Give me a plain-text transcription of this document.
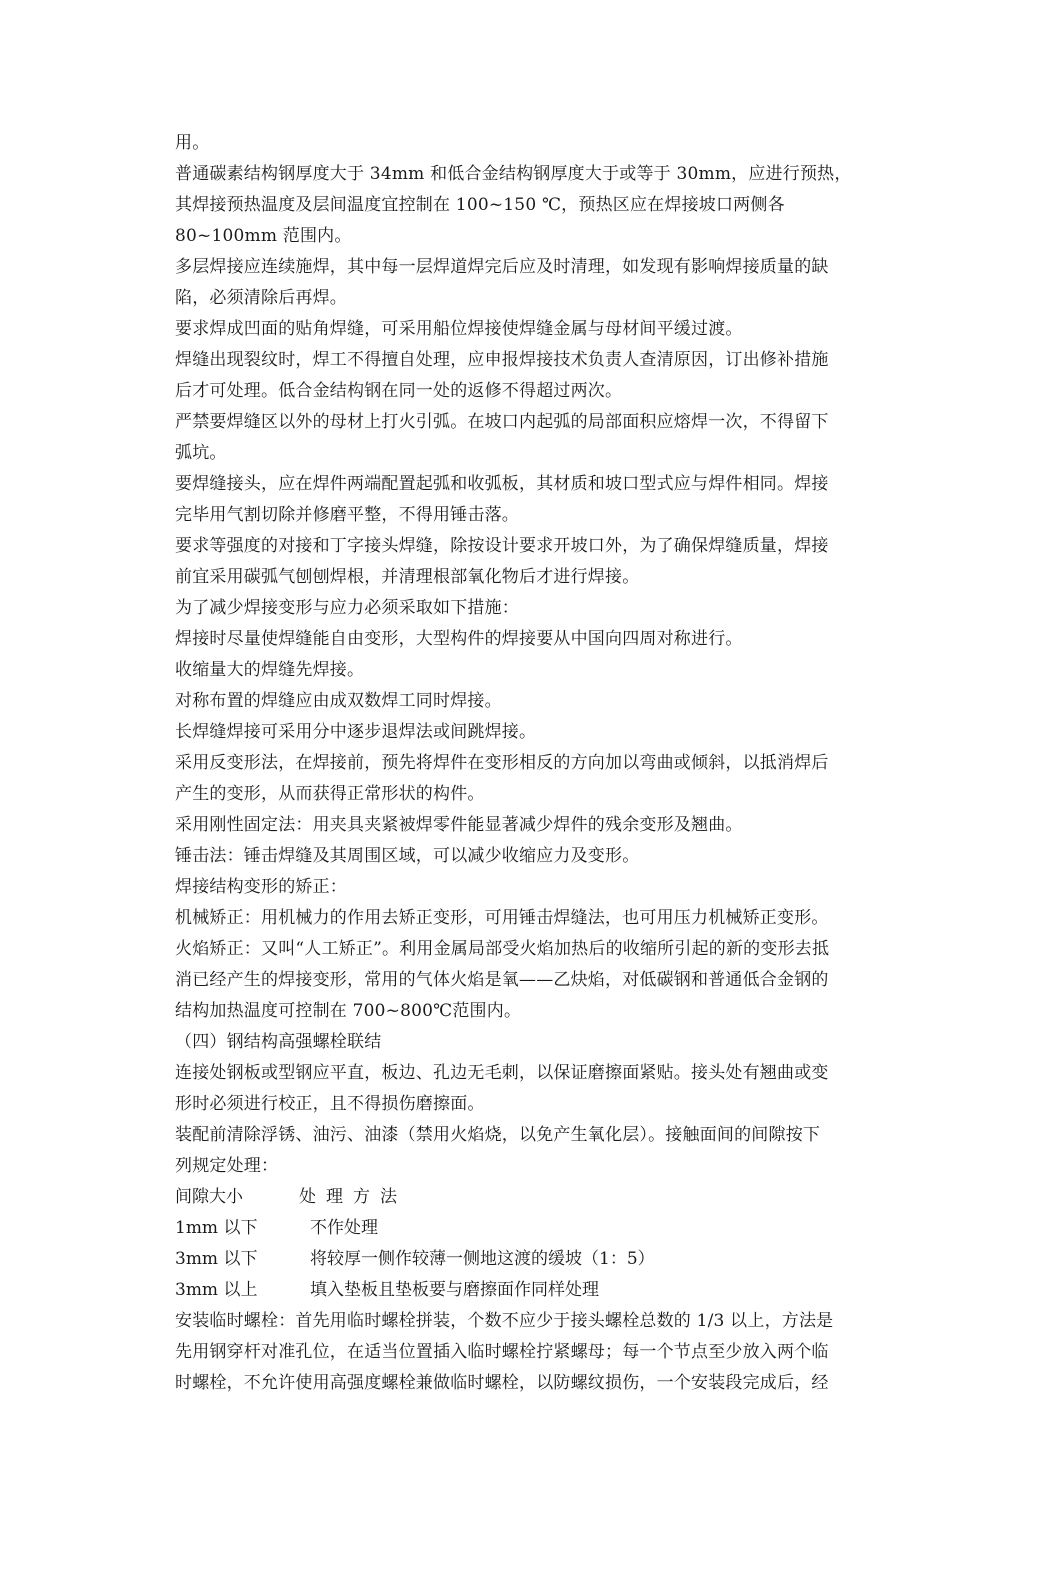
用。
普通碳素结构钢厚度大于 34mm 和低合金结构钢厚度大于或等于 30mm，应进行预热，
其焊接预热温度及层间温度宜控制在 100~150 ℃，预热区应在焊接坡口两侧各
80~100mm 范围内。
多层焊接应连续施焊，其中每一层焊道焊完后应及时清理，如发现有影响焊接质量的缺
陷，必须清除后再焊。
要求焊成凹面的贴角焊缝，可采用船位焊接使焊缝金属与母材间平缓过渡。
焊缝出现裂纹时，焊工不得擅自处理，应申报焊接技术负责人查清原因，订出修补措施
后才可处理。低合金结构钢在同一处的返修不得超过两次。
严禁要焊缝区以外的母材上打火引弧。在坡口内起弧的局部面积应熔焊一次，不得留下
弧坑。
要焊缝接头，应在焊件两端配置起弧和收弧板，其材质和坡口型式应与焊件相同。焊接
完毕用气割切除并修磨平整，不得用锤击落。
要求等强度的对接和丁字接头焊缝，除按设计要求开坡口外，为了确保焊缝质量，焊接
前宜采用碳弧气刨刨焊根，并清理根部氧化物后才进行焊接。
为了减少焊接变形与应力必须采取如下措施：
焊接时尽量使焊缝能自由变形，大型构件的焊接要从中国向四周对称进行。
收缩量大的焊缝先焊接。
对称布置的焊缝应由成双数焊工同时焊接。
长焊缝焊接可采用分中逐步退焊法或间跳焊接。
采用反变形法，在焊接前，预先将焊件在变形相反的方向加以弯曲或倾斜，以抵消焊后
产生的变形，从而获得正常形状的构件。
采用刚性固定法：用夹具夹紧被焊零件能显著减少焊件的残余变形及翘曲。
锤击法：锤击焊缝及其周围区域，可以减少收缩应力及变形。
焊接结构变形的矫正：
机械矫正：用机械力的作用去矫正变形，可用锤击焊缝法，也可用压力机械矫正变形。
火焰矫正：又叫“人工矫正”。利用金属局部受火焰加热后的收缩所引起的新的变形去抵
消已经产生的焊接变形，常用的气体火焰是氧——乙炔焰，对低碳钢和普通低合金钢的
结构加热温度可控制在 700~800℃范围内。
（四）钢结构高强螺栓联结
连接处钢板或型钢应平直，板边、孔边无毛刺，以保证磨擦面紧贴。接头处有翘曲或变
形时必须进行校正，且不得损伤磨擦面。
装配前清除浮锈、油污、油漆（禁用火焰烧，以免产生氧化层）。接触面间的间隙按下
列规定处理：
间隙大小	处理方法
1mm 以下	不作处理
3mm 以下	将较厚一侧作较薄一侧地这渡的缓坡（1：5）
3mm 以上	填入垫板且垫板要与磨擦面作同样处理
安装临时螺栓：首先用临时螺栓拼装，个数不应少于接头螺栓总数的 1/3 以上，方法是
先用钢穿杆对准孔位，在适当位置插入临时螺栓拧紧螺母；每一个节点至少放入两个临
时螺栓，不允许使用高强度螺栓兼做临时螺栓，以防螺纹损伤，一个安装段完成后，经
